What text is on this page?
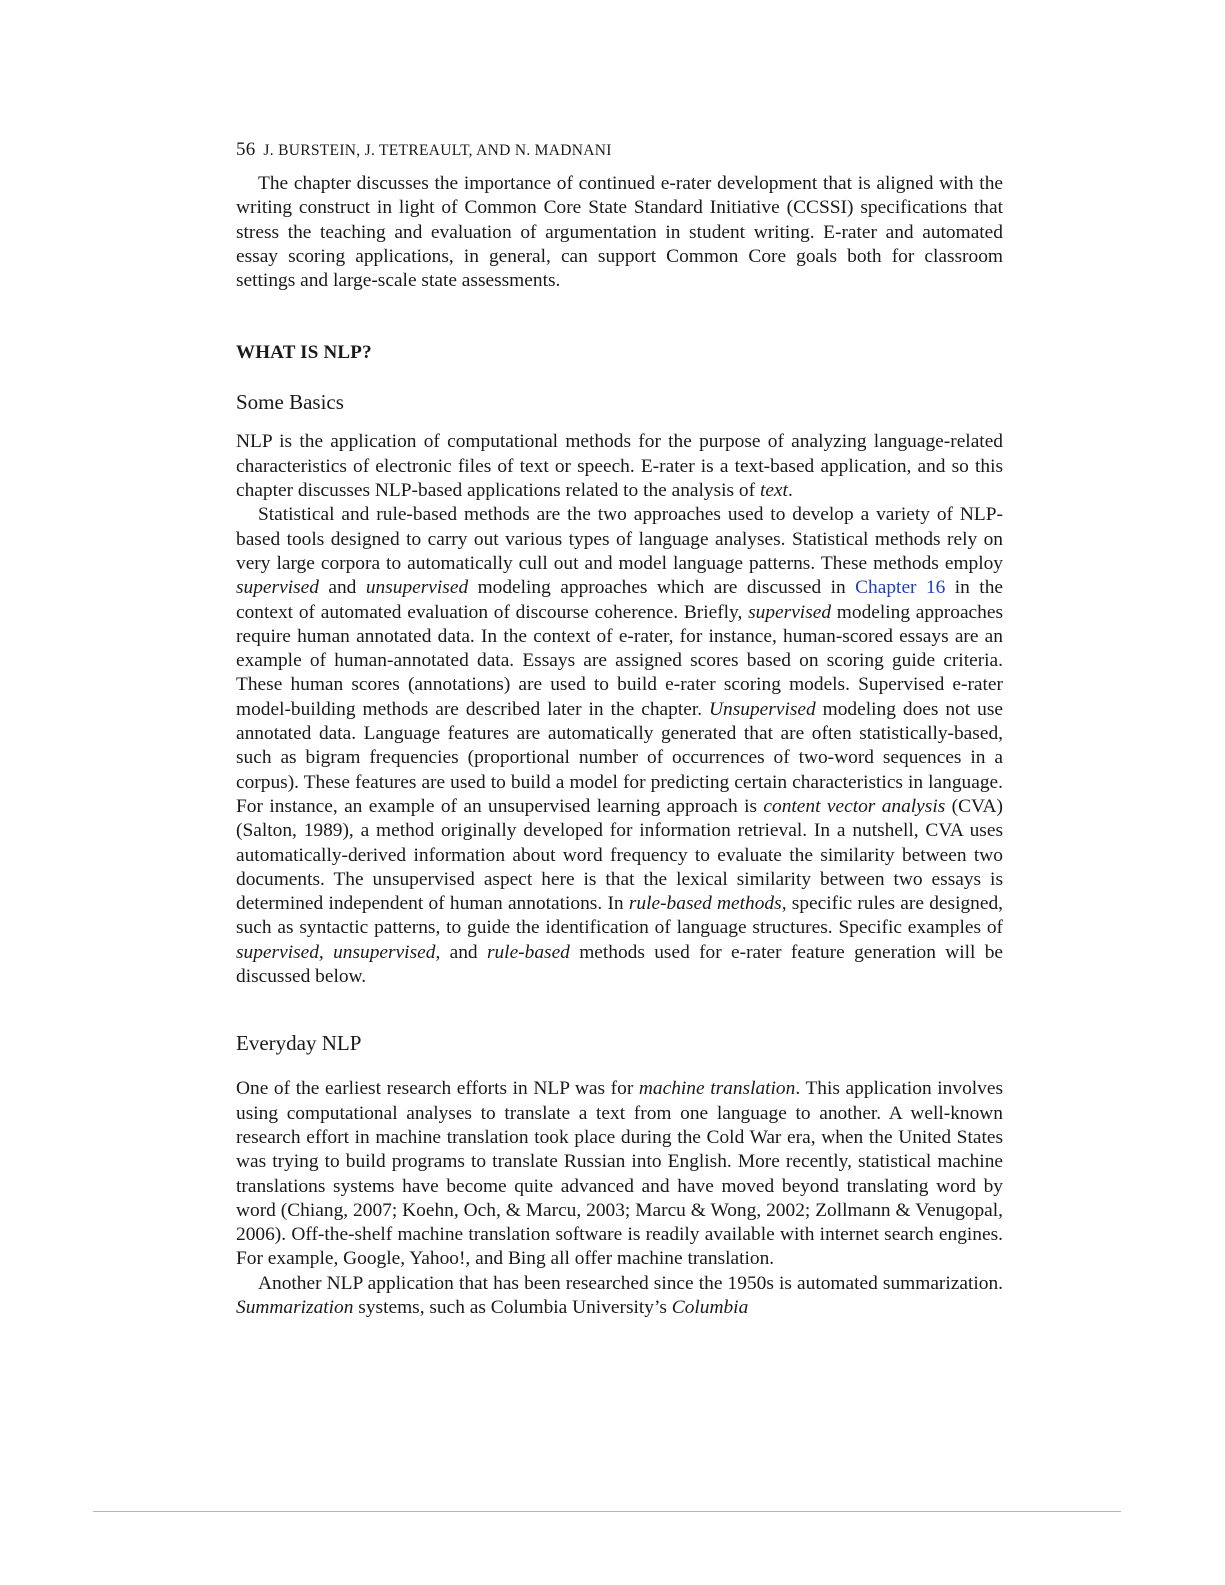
56 J. BURSTEIN, J. TETREAULT, AND N. MADNANI

The chapter discusses the importance of continued e-rater development that is aligned with the writing construct in light of Common Core State Standard Initiative (CCSSI) specifications that stress the teaching and evaluation of argumentation in student writing. E-rater and automated essay scoring applications, in general, can support Common Core goals both for classroom settings and large-scale state assessments.

WHAT IS NLP?
Some Basics

NLP is the application of computational methods for the purpose of analyzing language-related characteristics of electronic files of text or speech. E-rater is a text-based application, and so this chapter discusses NLP-based applications related to the analysis of text.

Statistical and rule-based methods are the two approaches used to develop a variety of NLP-based tools designed to carry out various types of language analyses. Statistical methods rely on very large corpora to automatically cull out and model language patterns. These methods employ supervised and unsupervised modeling approaches which are discussed in Chapter 16 in the context of automated evaluation of discourse coherence. Briefly, supervised modeling approaches require human annotated data. In the context of e-rater, for instance, human-scored essays are an example of human-annotated data. Essays are assigned scores based on scoring guide criteria. These human scores (annotations) are used to build e-rater scoring models. Supervised e-rater model-building methods are described later in the chapter. Unsupervised modeling does not use annotated data. Language features are automatically generated that are often statistically-based, such as bigram frequencies (proportional number of occurrences of two-word sequences in a corpus). These features are used to build a model for predicting certain characteristics in language. For instance, an example of an unsupervised learning approach is content vector analysis (CVA) (Salton, 1989), a method originally developed for information retrieval. In a nutshell, CVA uses automatically-derived information about word frequency to evaluate the similarity between two documents. The unsupervised aspect here is that the lexical similarity between two essays is determined independent of human annotations. In rule-based methods, specific rules are designed, such as syntactic patterns, to guide the identification of language structures. Specific examples of supervised, unsupervised, and rule-based methods used for e-rater feature generation will be discussed below.

Everyday NLP

One of the earliest research efforts in NLP was for machine translation. This application involves using computational analyses to translate a text from one language to another. A well-known research effort in machine translation took place during the Cold War era, when the United States was trying to build programs to translate Russian into English. More recently, statistical machine translations systems have become quite advanced and have moved beyond translating word by word (Chiang, 2007; Koehn, Och, & Marcu, 2003; Marcu & Wong, 2002; Zollmann & Venugopal, 2006). Off-the-shelf machine translation software is readily available with internet search engines. For example, Google, Yahoo!, and Bing all offer machine translation.

Another NLP application that has been researched since the 1950s is automated summarization. Summarization systems, such as Columbia University’s Columbia
